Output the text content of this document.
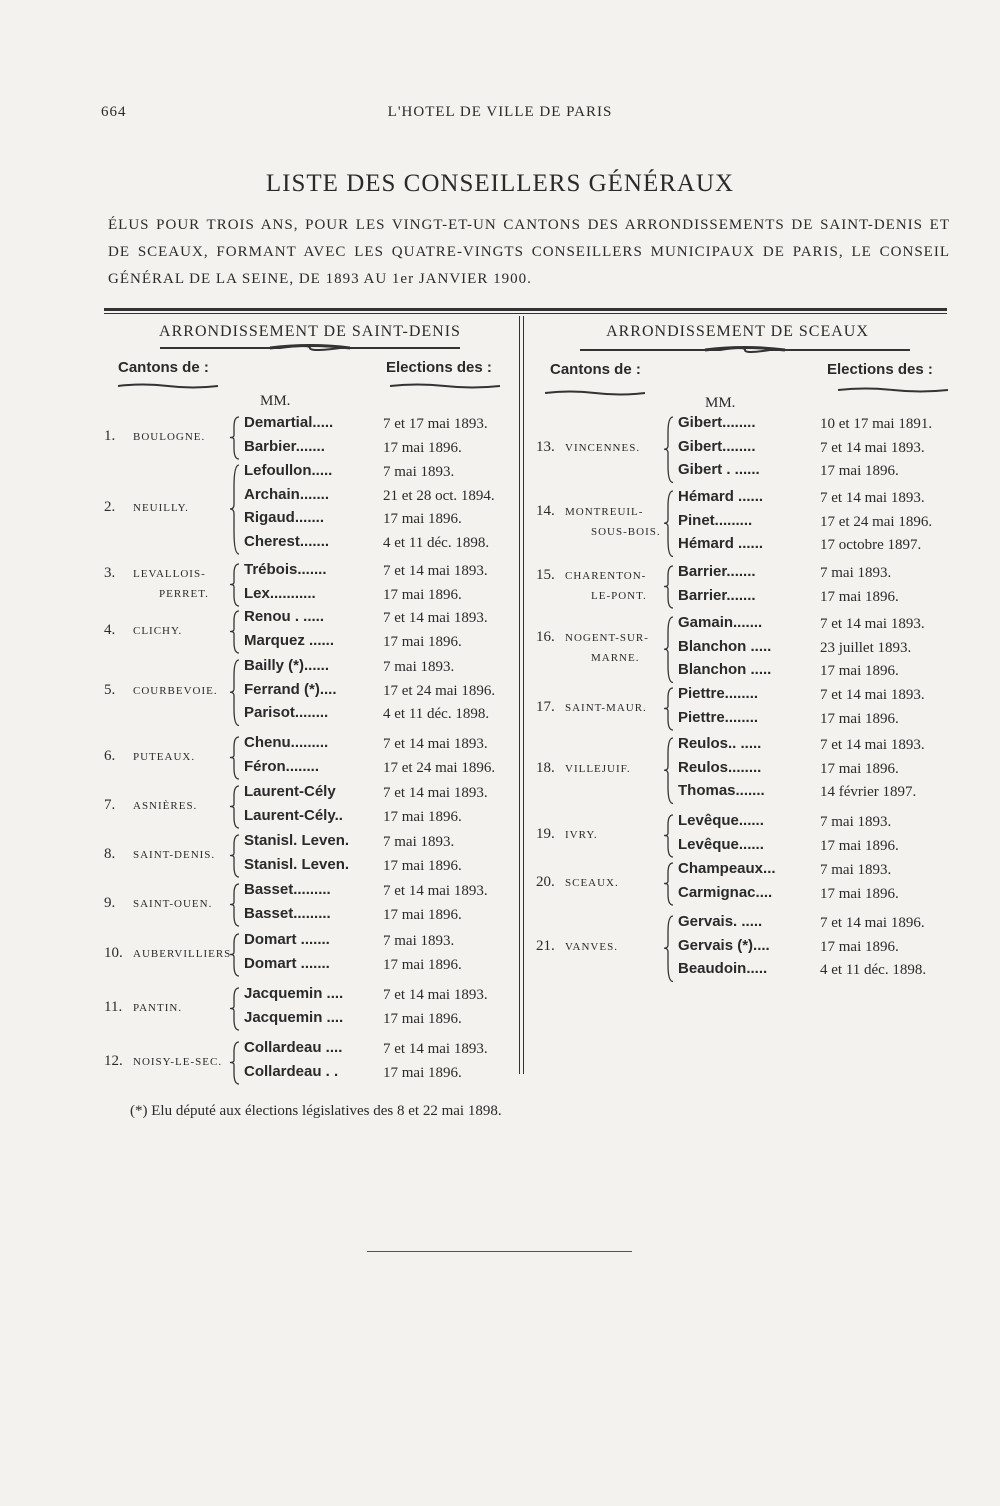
664	L'HOTEL DE VILLE DE PARIS
LISTE DES CONSEILLERS GÉNÉRAUX
ÉLUS POUR TROIS ANS, POUR LES VINGT-ET-UN CANTONS DES ARRONDISSEMENTS DE SAINT-DENIS ET DE SCEAUX, FORMANT AVEC LES QUATRE-VINGTS CONSEILLERS MUNICIPAUX DE PARIS, LE CONSEIL GÉNÉRAL DE LA SEINE, DE 1893 AU 1er JANVIER 1900.
ARRONDISSEMENT DE SAINT-DENIS
Cantons de :	Elections des :
MM.
ARRONDISSEMENT DE SCEAUX
Cantons de :	Elections des :
MM.
1. BOULOGNE.
Demartial.....	7 et 17 mai 1893.
Barbier.......	17 mai 1896.
2. NEUILLY.
Lefoullon.....	7 mai 1893.
Archain.......	21 et 28 oct. 1894.
Rigaud.......	17 mai 1896.
Cherest.......	4 et 11 déc. 1898.
3. LEVALLOIS-
PERRET.
Trébois.......	7 et 14 mai 1893.
Lex...........	17 mai 1896.
4. CLICHY.
Renou . .....	7 et 14 mai 1893.
Marquez ......	17 mai 1896.
5. COURBEVOIE.
Bailly (*)......	7 mai 1893.
Ferrand (*)....	17 et 24 mai 1896.
Parisot........	4 et 11 déc. 1898.
6. PUTEAUX.
Chenu.........	7 et 14 mai 1893.
Féron........	17 et 24 mai 1896.
7. ASNIÈRES.
Laurent-Cély	7 et 14 mai 1893.
Laurent-Cély..	17 mai 1896.
8. SAINT-DENIS.
Stanisl. Leven. 7 mai 1893.
Stanisl. Leven. 17 mai 1896.
9. SAINT-OUEN.
Basset.........	7 et 14 mai 1893.
Basset.........	17 mai 1896.
10. AUBERVILLIERS
Domart .......	7 mai 1893.
Domart .......	17 mai 1896.
11. PANTIN.
Jacquemin ....	7 et 14 mai 1893.
Jacquemin ....	17 mai 1896.
12. NOISY-LE-SEC.
Collardeau ....	7 et 14 mai 1893.
Collardeau . .	17 mai 1896.
13. VINCENNES.
Gibert........	10 et 17 mai 1891.
Gibert........	7 et 14 mai 1893.
Gibert . ......	17 mai 1896.
14. MONTREUIL-
SOUS-BOIS.
Hémard ......	7 et 14 mai 1893.
Pinet.........	17 et 24 mai 1896.
Hémard ......	17 octobre 1897.
15. CHARENTON-
LE-PONT.
Barrier.......	7 mai 1893.
Barrier.......	17 mai 1896.
16. NOGENT-SUR-
MARNE.
Gamain.......	7 et 14 mai 1893.
Blanchon .....	23 juillet 1893.
Blanchon .....	17 mai 1896.
17. SAINT-MAUR.
Piettre........	7 et 14 mai 1893.
Piettre........	17 mai 1896.
18. VILLEJUIF.
Reulos.. .....	7 et 14 mai 1893.
Reulos........	17 mai 1896.
Thomas.......	14 février 1897.
19. IVRY.
Levêque......	7 mai 1893.
Levêque......	17 mai 1896.
20. SCEAUX.
Champeaux...	7 mai 1893.
Carmignac....	17 mai 1896.
21. VANVES.
Gervais. .....	7 et 14 mai 1896.
Gervais (*)....	17 mai 1896.
Beaudoin.....	4 et 11 déc. 1898.
(*) Elu député aux élections législatives des 8 et 22 mai 1898.
